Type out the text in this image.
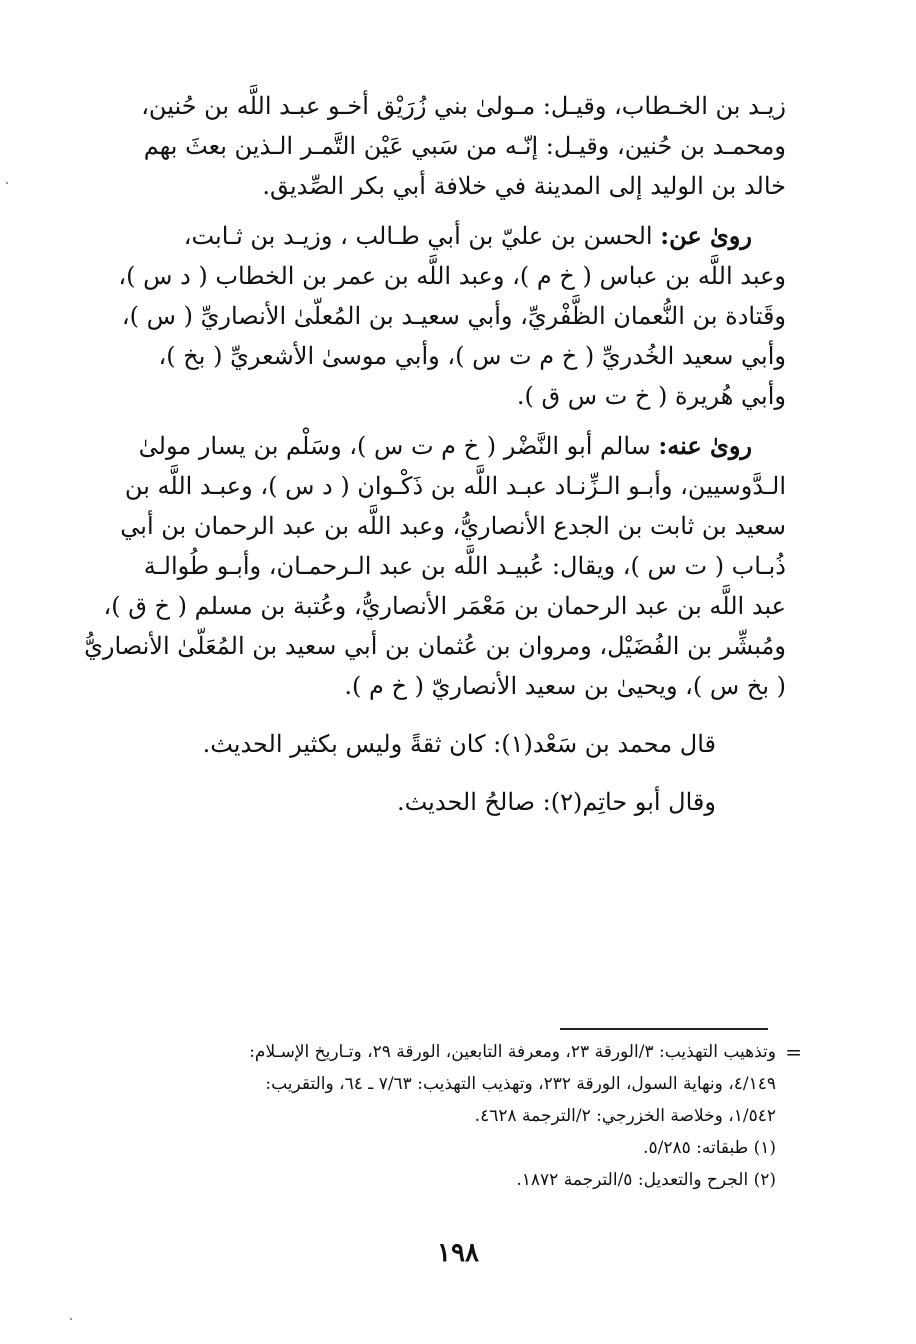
زيـد بن الخـطاب، وقيـل: مـولىٰ بني زُرَيْق أخـو عبـد اللَّه بن حُنين،
ومحمـد بن حُنين، وقيـل: إنّـه من سَبي عَيْن التَّمـر الـذين بعثَ بهم
خالد بن الوليد إلى المدينة في خلافة أبي بكر الصِّديق.
روىٰ عن: الحسن بن عليّ بن أبي طـالب ، وزيـد بن ثـابت،
وعبد اللَّه بن عباس ( خ م )، وعبد اللَّه بن عمر بن الخطاب ( د س )،
وقَتادة بن النُّعمان الظَّفْريِّ، وأبي سعيـد بن المُعلّىٰ الأنصاريِّ ( س )،
وأبي سعيد الخُدريِّ ( خ م ت س )، وأبي موسىٰ الأشعريِّ ( بخ )،
وأبي هُريرة ( خ ت س ق ).
روىٰ عنه: سالم أبو النَّضْر ( خ م ت س )، وسَلْم بن يسار مولىٰ
الـدَّوسيين، وأبـو الـزِّنـاد عبـد اللَّه بن ذَكْـوان ( د س )، وعبـد اللَّه بن
سعيد بن ثابت بن الجدع الأنصاريُّ، وعبد اللَّه بن عبد الرحمان بن أبي
ذُبـاب ( ت س )، ويقال: عُبيـد اللَّه بن عبد الـرحمـان، وأبـو طُوالـة
عبد اللَّه بن عبد الرحمان بن مَعْمَر الأنصاريُّ، وعُتبة بن مسلم ( خ ق )،
ومُبشِّر بن الفُضَيْل، ومروان بن عُثمان بن أبي سعيد بن المُعَلّىٰ الأنصاريُّ
( بخ س )، ويحيىٰ بن سعيد الأنصاريّ ( خ م ).
قال محمد بن سَعْد(١): كان ثقةً وليس بكثير الحديث.
وقال أبو حاتِم(٢): صالحُ الحديث.
=
وتذهيب التهذيب: ٣/الورقة ٢٣، ومعرفة التابعين، الورقة ٢٩، وتـاريخ الإسـلام:
٤/١٤٩، ونهاية السول، الورقة ٢٣٢، وتهذيب التهذيب: ٧/٦٣ ـ ٦٤، والتقريب:
١/٥٤٢، وخلاصة الخزرجي: ٢/الترجمة ٤٦٢٨.
(١) طبقاته: ٥/٢٨٥.
(٢) الجرح والتعديل: ٥/الترجمة ١٨٧٢.
١٩٨
